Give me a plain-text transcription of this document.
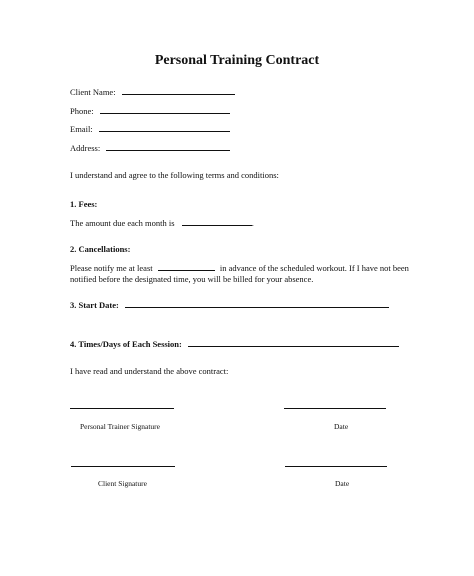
Personal Training Contract
Client Name:
Phone:
Email:
Address:
I understand and agree to the following terms and conditions:
1. Fees:
The amount due each month is	.
2. Cancellations:
Please notify me at least	in advance of the scheduled workout. If I have not been
notified before the designated time, you will be billed for your absence.
3. Start Date:
4. Times/Days of Each Session:
I have read and understand the above contract:
Personal Trainer Signature	Date
Client Signature	Date
